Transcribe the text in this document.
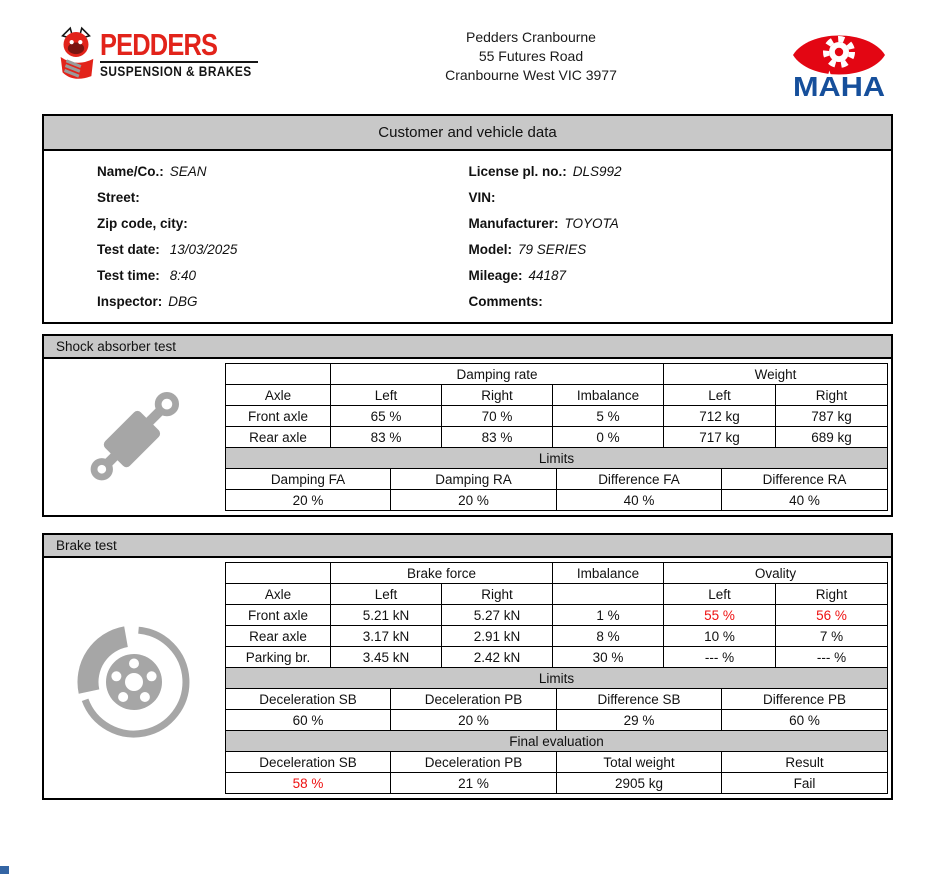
PEDDERS
SUSPENSION & BRAKES
Pedders Cranbourne
55 Futures Road
Cranbourne West VIC 3977	MAHA
Customer and vehicle data
Name/Co.: SEAN
Street:
Zip code, city:
Test date: 13/03/2025
Test time: 8:40
Inspector: DBG
License pl. no.: DLS992
VIN:
Manufacturer: TOYOTA
Model: 79 SERIES
Mileage: 44187
Comments:
Shock absorber test
	Damping rate			Weight	
Axle	Left	Right	Imbalance	Left	Right
Front axle	65 %	70 %	5 %	712 kg	787 kg
Rear axle	83 %	83 %	0 %	717 kg	689 kg
Limits			
Damping FA	Damping RA	Difference FA	Difference RA
20 %	20 %	40 %	40 %
Brake test
	Brake force		Imbalance	Ovality	
Axle	Left	Right		Left	Right
Front axle	5.21 kN	5.27 kN	1 %	55 %	56 %
Rear axle	3.17 kN	2.91 kN	8 %	10 %	7 %
Parking br.	3.45 kN	2.42 kN	30 %	--- %	--- %
Limits			
Deceleration SB	Deceleration PB	Difference SB	Difference PB
60 %	20 %	29 %	60 %
Final evaluation			
Deceleration SB	Deceleration PB	Total weight	Result
58 %	21 %	2905 kg	Fail
